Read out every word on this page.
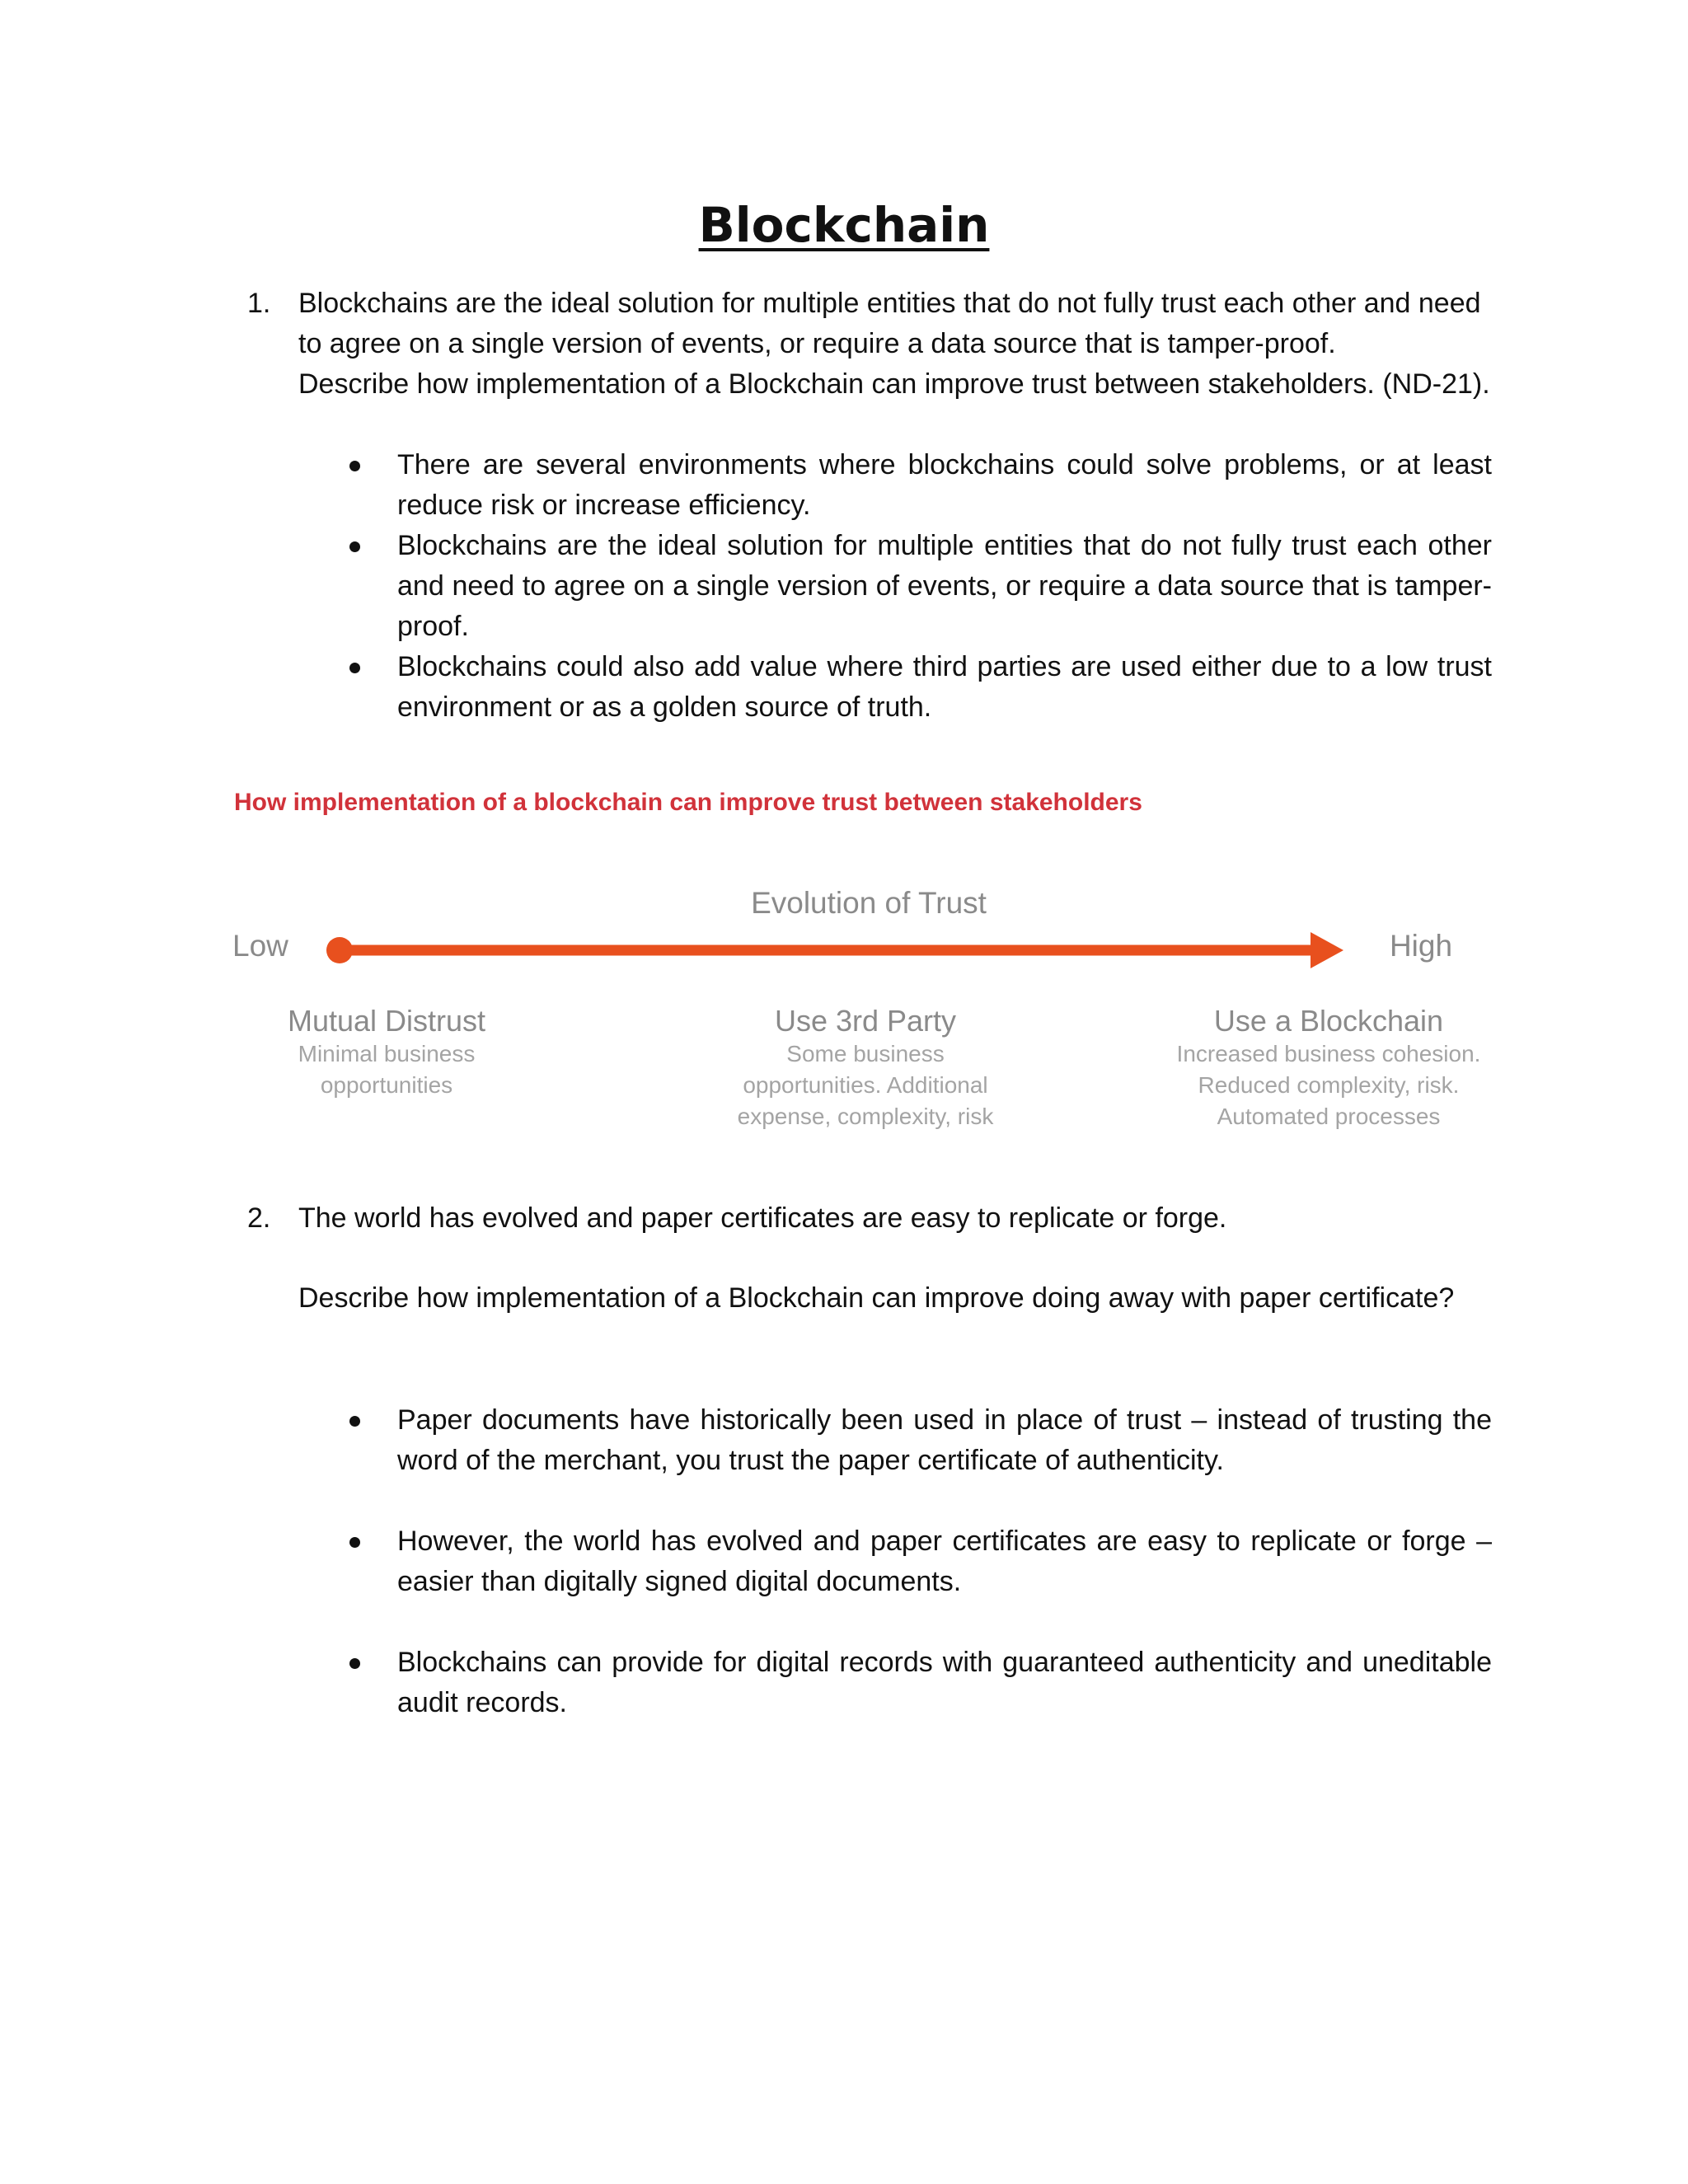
Blockchain
1. Blockchains are the ideal solution for multiple entities that do not fully trust each other and need
to agree on a single version of events, or require a data source that is tamper-proof.
Describe how implementation of a Blockchain can improve trust between stakeholders. (ND-21).
There are several environments where blockchains could solve problems, or at least reduce risk or increase efficiency.
Blockchains are the ideal solution for multiple entities that do not fully trust each other and need to agree on a single version of events, or require a data source that is tamper-proof.
Blockchains could also add value where third parties are used either due to a low trust environment or as a golden source of truth.
How implementation of a blockchain can improve trust between stakeholders
Evolution of Trust
Low	High
Mutual Distrust
Minimal business
opportunities
Use 3rd Party
Some business
opportunities. Additional
expense, complexity, risk
Use a Blockchain
Increased business cohesion.
Reduced complexity, risk.
Automated processes
2. The world has evolved and paper certificates are easy to replicate or forge.
Describe how implementation of a Blockchain can improve doing away with paper certificate?
Paper documents have historically been used in place of trust – instead of trusting the word of the merchant, you trust the paper certificate of authenticity.
However, the world has evolved and paper certificates are easy to replicate or forge – easier than digitally signed digital documents.
Blockchains can provide for digital records with guaranteed authenticity and uneditable audit records.
